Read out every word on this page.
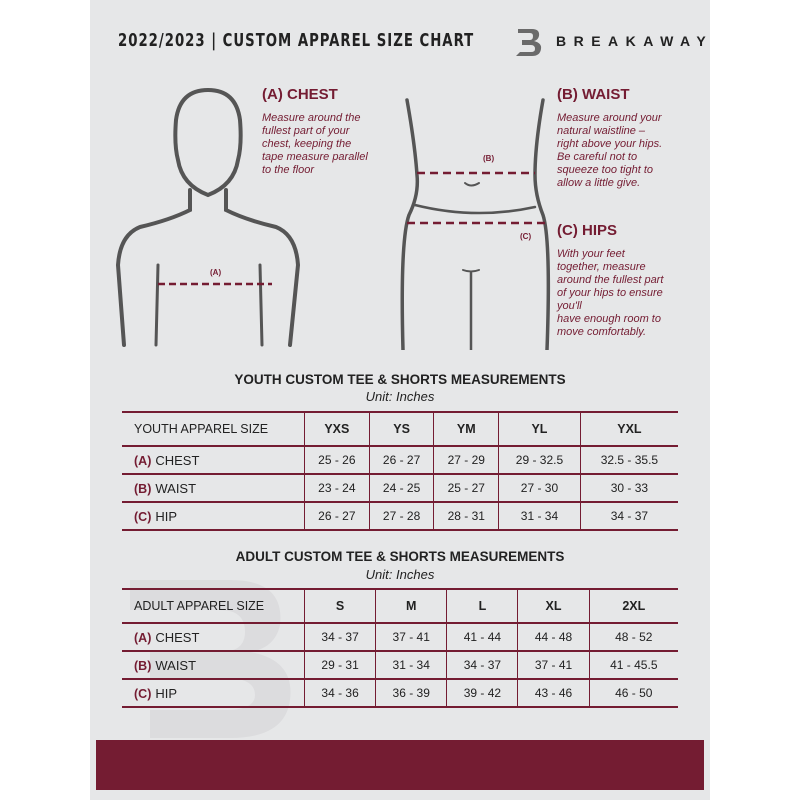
2022/2023 | CUSTOM APPAREL SIZE CHART	BREAKAWAY
(A)
(A) CHEST
Measure around the
fullest part of your
chest, keeping the
tape measure parallel
to the floor
(B)
(C)
(B) WAIST
Measure around your
natural waistline –
right above your hips.
Be careful not to
squeeze too tight to
allow a little give.
(C) HIPS
With your feet
together, measure
around the fullest part
of your hips to ensure
you'll
have enough room to
move comfortably.
YOUTH CUSTOM TEE & SHORTS MEASUREMENTS
Unit: Inches
YOUTH APPAREL SIZE	YXS	YS	YM	YL	YXL
(A) CHEST	25 - 26	26 - 27	27 - 29	29 - 32.5	32.5 - 35.5
(B) WAIST	23 - 24	24 - 25	25 - 27	27 - 30	30 - 33
(C) HIP	26 - 27	27 - 28	28 - 31	31 - 34	34 - 37
ADULT CUSTOM TEE & SHORTS MEASUREMENTS
Unit: Inches
ADULT APPAREL SIZE	S	M	L	XL	2XL
(A) CHEST	34 - 37	37 - 41	41 - 44	44 - 48	48 - 52
(B) WAIST	29 - 31	31 - 34	34 - 37	37 - 41	41 - 45.5
(C) HIP	34 - 36	36 - 39	39 - 42	43 - 46	46 - 50
